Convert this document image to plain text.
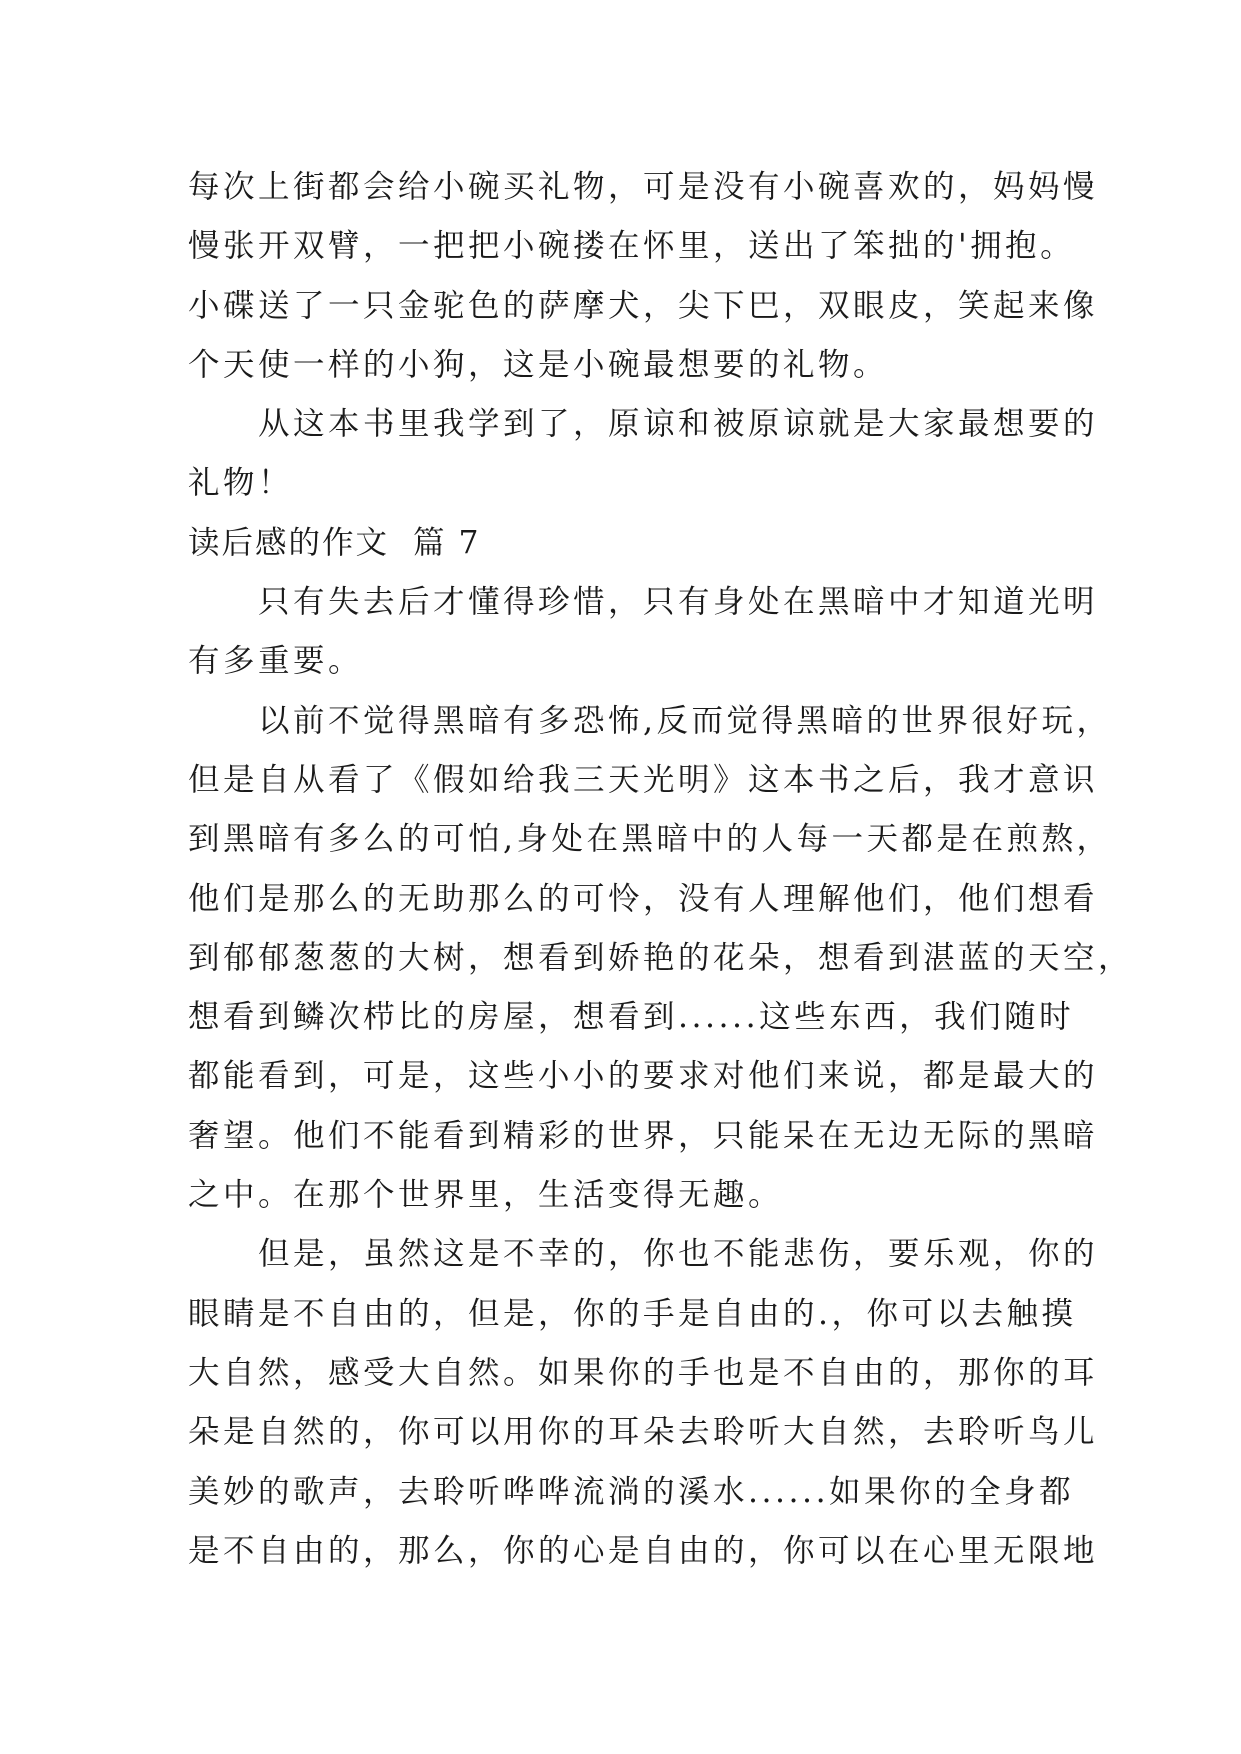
每次上街都会给小碗买礼物，可是没有小碗喜欢的，妈妈慢
慢张开双臂，一把把小碗搂在怀里，送出了笨拙的'拥抱。
小碟送了一只金驼色的萨摩犬，尖下巴，双眼皮，笑起来像
个天使一样的小狗，这是小碗最想要的礼物。
从这本书里我学到了，原谅和被原谅就是大家最想要的
礼物！
读后感的作文  篇 7
只有失去后才懂得珍惜，只有身处在黑暗中才知道光明
有多重要。
以前不觉得黑暗有多恐怖,反而觉得黑暗的世界很好玩，
但是自从看了《假如给我三天光明》这本书之后，我才意识
到黑暗有多么的可怕,身处在黑暗中的人每一天都是在煎熬，
他们是那么的无助那么的可怜，没有人理解他们，他们想看
到郁郁葱葱的大树，想看到娇艳的花朵，想看到湛蓝的天空，
想看到鳞次栉比的房屋，想看到......这些东西，我们随时
都能看到，可是，这些小小的要求对他们来说，都是最大的
奢望。他们不能看到精彩的世界，只能呆在无边无际的黑暗
之中。在那个世界里，生活变得无趣。
但是，虽然这是不幸的，你也不能悲伤，要乐观，你的
眼睛是不自由的，但是，你的手是自由的.，你可以去触摸
大自然，感受大自然。如果你的手也是不自由的，那你的耳
朵是自然的，你可以用你的耳朵去聆听大自然，去聆听鸟儿
美妙的歌声，去聆听哗哗流淌的溪水......如果你的全身都
是不自由的，那么，你的心是自由的，你可以在心里无限地
